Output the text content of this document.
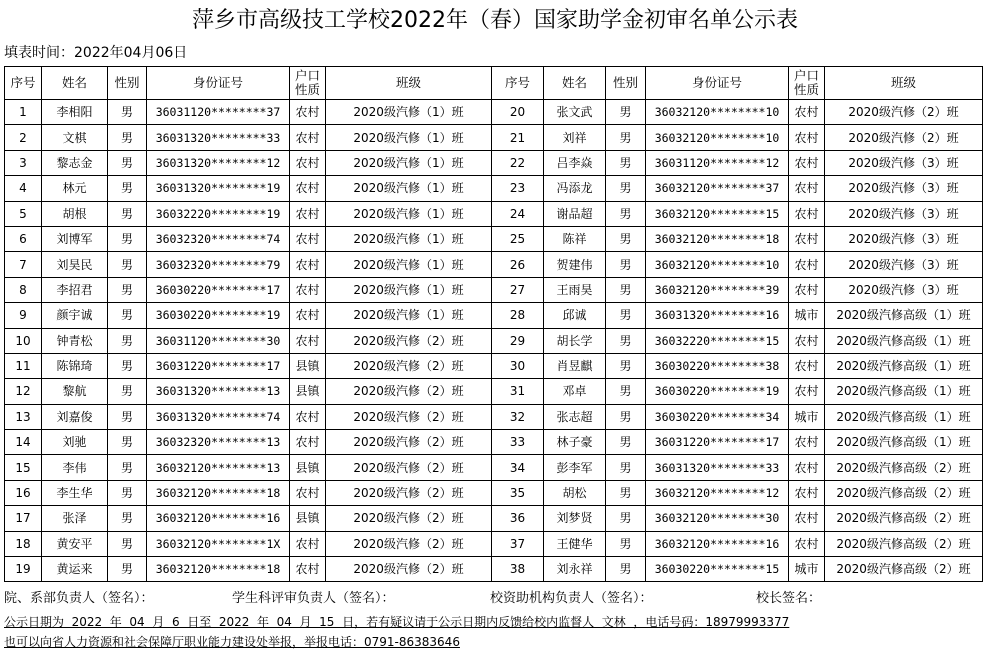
萍乡市高级技工学校2022年（春）国家助学金初审名单公示表
填表时间：2022年04月06日
序号	姓名	性别	身份证号	户口性质	班级	序号	姓名	性别	身份证号	户口性质	班级
1	李相阳	男	36031120********37	农村	2020级汽修（1）班	20	张文武	男	36032120********10	农村	2020级汽修（2）班
2	文棋	男	36031320********33	农村	2020级汽修（1）班	21	刘祥	男	36032120********10	农村	2020级汽修（2）班
3	黎志金	男	36031320********12	农村	2020级汽修（1）班	22	吕李焱	男	36031120********12	农村	2020级汽修（3）班
4	林元	男	36031320********19	农村	2020级汽修（1）班	23	冯添龙	男	36032120********37	农村	2020级汽修（3）班
5	胡根	男	36032220********19	农村	2020级汽修（1）班	24	谢品超	男	36032120********15	农村	2020级汽修（3）班
6	刘博军	男	36032320********74	农村	2020级汽修（1）班	25	陈祥	男	36032120********18	农村	2020级汽修（3）班
7	刘昊民	男	36032320********79	农村	2020级汽修（1）班	26	贺建伟	男	36032120********10	农村	2020级汽修（3）班
8	李招君	男	36030220********17	农村	2020级汽修（1）班	27	王雨昊	男	36032120********39	农村	2020级汽修（3）班
9	颜宇诚	男	36030220********19	农村	2020级汽修（1）班	28	邱诚	男	36031320********16	城市	2020级汽修高级（1）班
10	钟青松	男	36031120********30	农村	2020级汽修（2）班	29	胡长学	男	36032220********15	农村	2020级汽修高级（1）班
11	陈锦琦	男	36031220********17	县镇	2020级汽修（2）班	30	肖昱麒	男	36030220********38	农村	2020级汽修高级（1）班
12	黎航	男	36031320********13	县镇	2020级汽修（2）班	31	邓卓	男	36030220********19	农村	2020级汽修高级（1）班
13	刘嘉俊	男	36031320********74	农村	2020级汽修（2）班	32	张志超	男	36030220********34	城市	2020级汽修高级（1）班
14	刘驰	男	36032320********13	农村	2020级汽修（2）班	33	林子豪	男	36031220********17	农村	2020级汽修高级（1）班
15	李伟	男	36032120********13	县镇	2020级汽修（2）班	34	彭李军	男	36031320********33	农村	2020级汽修高级（2）班
16	李生华	男	36032120********18	农村	2020级汽修（2）班	35	胡松	男	36032120********12	农村	2020级汽修高级（2）班
17	张泽	男	36032120********16	县镇	2020级汽修（2）班	36	刘梦贤	男	36032120********30	农村	2020级汽修高级（2）班
18	黄安平	男	36032120********1X	农村	2020级汽修（2）班	37	王健华	男	36032120********16	农村	2020级汽修高级（2）班
19	黄运来	男	36032120********18	农村	2020级汽修（2）班	38	刘永祥	男	36030220********15	城市	2020级汽修高级（2）班
院、系部负责人（签名）：	学生科评审负责人（签名）：	校资助机构负责人（签名）：	校长签名：
公示日期为  2022  年  04  月  6  日至  2022  年  04  月  15  日，若有疑议请于公示日期内反馈给校内监督人  文林  ，电话号码：18979993377
也可以向省人力资源和社会保障厅职业能力建设处举报，举报电话：0791-86383646
